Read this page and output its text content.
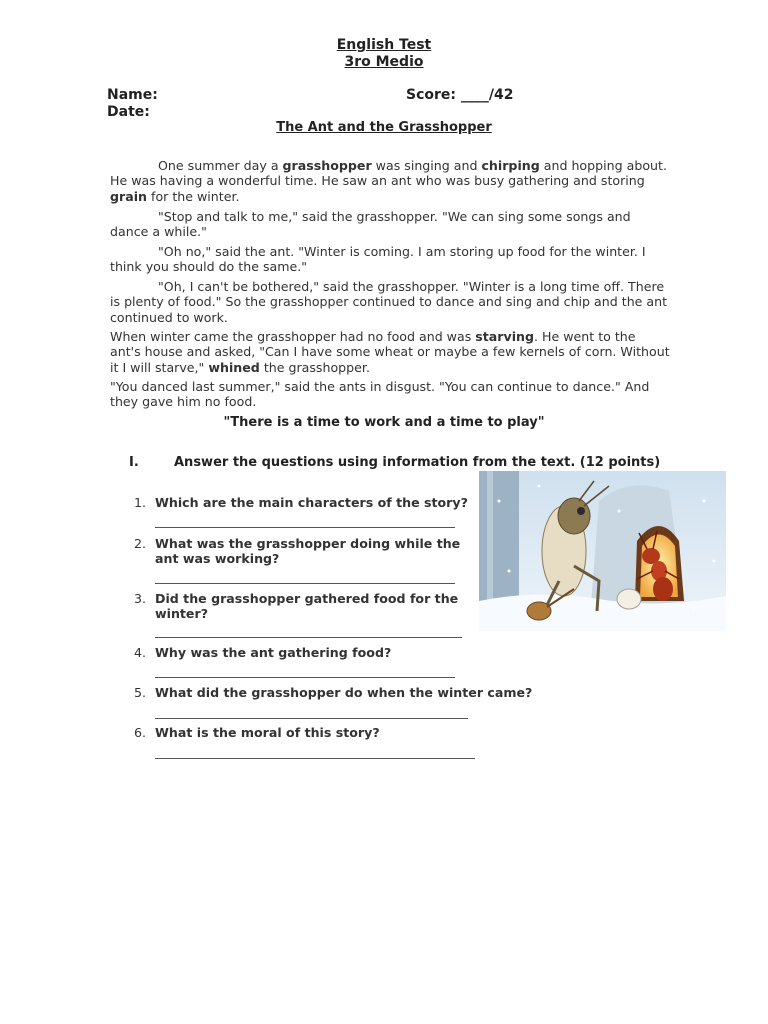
English Test
3ro Medio
Name:
Date:
Score: ____/42
The Ant and the Grasshopper
One summer day a grasshopper was singing and chirping and hopping about. He was having a wonderful time. He saw an ant who was busy gathering and storing grain for the winter.
"Stop and talk to me," said the grasshopper. "We can sing some songs and dance a while."
"Oh no," said the ant. "Winter is coming. I am storing up food for the winter. I think you should do the same."
"Oh, I can't be bothered," said the grasshopper. "Winter is a long time off. There is plenty of food." So the grasshopper continued to dance and sing and chip and the ant continued to work.
When winter came the grasshopper had no food and was starving. He went to the ant's house and asked, "Can I have some wheat or maybe a few kernels of corn. Without it I will starve," whined the grasshopper.
"You danced last summer," said the ants in disgust. "You can continue to dance." And they gave him no food.
"There is a time to work and a time to play"
I.	Answer the questions using information from the text. (12 points)
1. Which are the main characters of the story?
2. What was the grasshopper doing while the ant was working?
3. Did the grasshopper gathered food for the winter?
4. Why was the ant gathering food?
5. What did the grasshopper do when the winter came?
6. What is the moral of this story?
